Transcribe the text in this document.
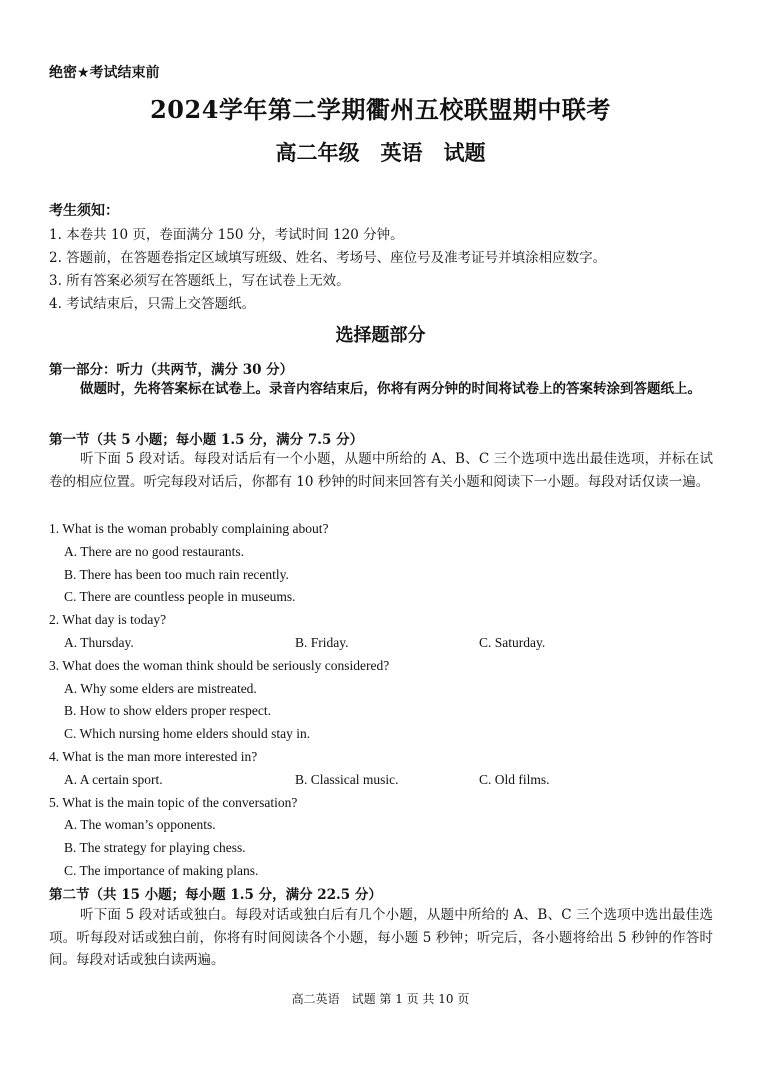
绝密★考试结束前
2024学年第二学期衢州五校联盟期中联考
高二年级　英语　试题
考生须知：
1. 本卷共 10 页，卷面满分 150 分，考试时间 120 分钟。
2. 答题前，在答题卷指定区域填写班级、姓名、考场号、座位号及准考证号并填涂相应数字。
3. 所有答案必须写在答题纸上，写在试卷上无效。
4. 考试结束后，只需上交答题纸。
选择题部分
第一部分：听力（共两节，满分 30 分）
做题时，先将答案标在试卷上。录音内容结束后，你将有两分钟的时间将试卷上的答案转涂到答题纸上。
第一节（共 5 小题；每小题 1.5 分，满分 7.5 分）
听下面 5 段对话。每段对话后有一个小题，从题中所给的 A、B、C 三个选项中选出最佳选项，并标在试卷的相应位置。听完每段对话后，你都有 10 秒钟的时间来回答有关小题和阅读下一小题。每段对话仅读一遍。
1. What is the woman probably complaining about?
A. There are no good restaurants.
B. There has been too much rain recently.
C. There are countless people in museums.
2. What day is today?
A. Thursday.	B. Friday.	C. Saturday.
3. What does the woman think should be seriously considered?
A. Why some elders are mistreated.
B. How to show elders proper respect.
C. Which nursing home elders should stay in.
4. What is the man more interested in?
A. A certain sport.	B. Classical music.	C. Old films.
5. What is the main topic of the conversation?
A. The woman’s opponents.
B. The strategy for playing chess.
C. The importance of making plans.
第二节（共 15 小题；每小题 1.5 分，满分 22.5 分）
听下面 5 段对话或独白。每段对话或独白后有几个小题，从题中所给的 A、B、C 三个选项中选出最佳选项。听每段对话或独白前，你将有时间阅读各个小题，每小题 5 秒钟；听完后，各小题将给出 5 秒钟的作答时间。每段对话或独白读两遍。
高二英语　试题 第 1 页 共 10 页
